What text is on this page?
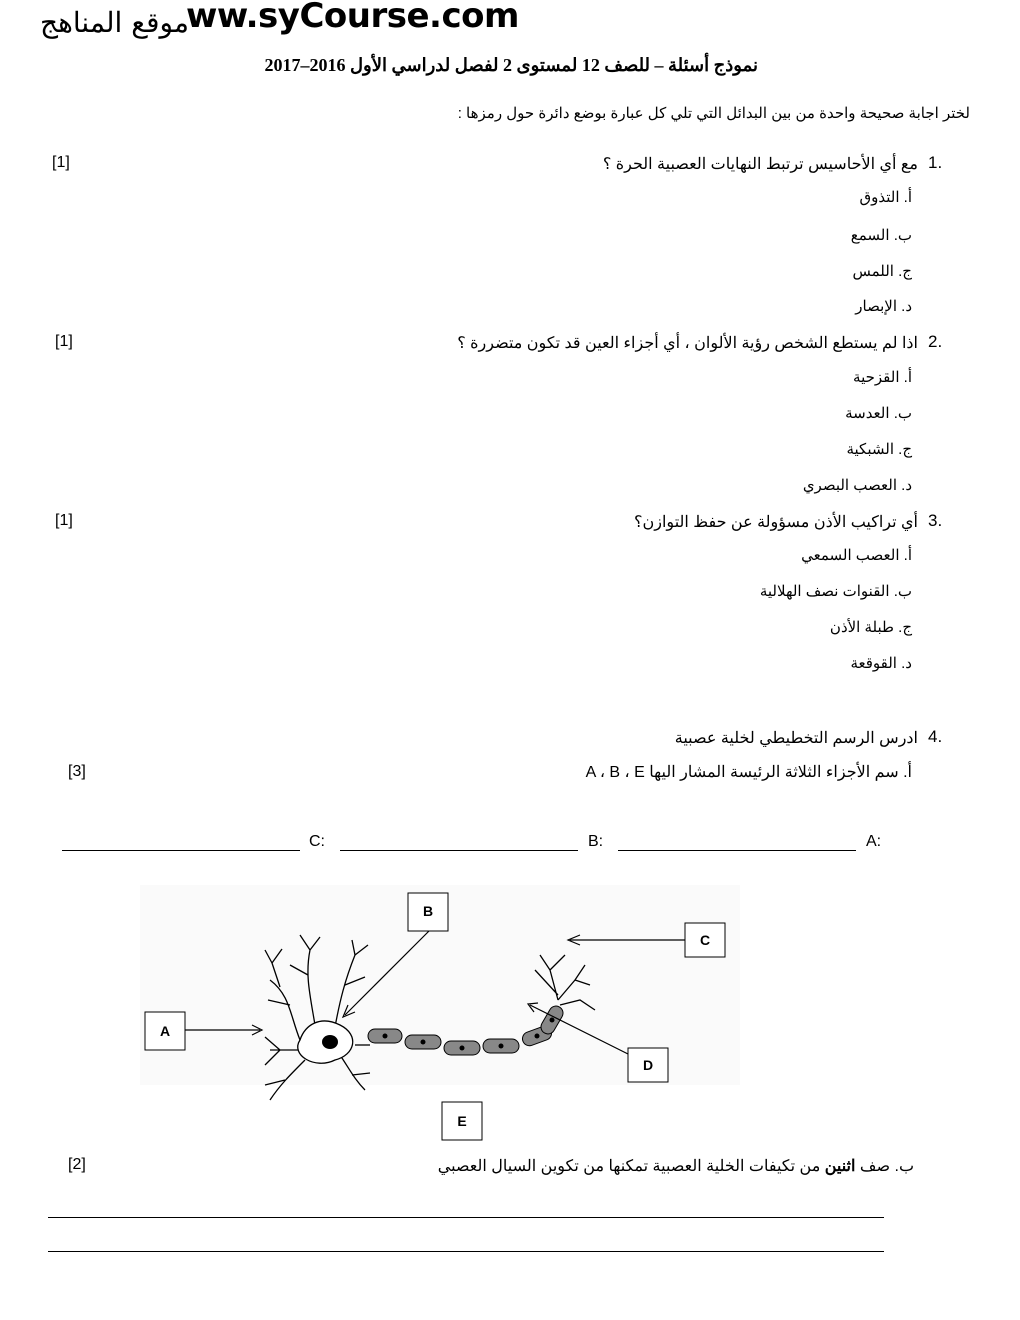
موقع المناهج
ww.syCourse.com
نموذج أسئلة – للصف 12 لمستوى 2 لفصل لدراسي الأول 2016–2017
لختر اجابة صحيحة واحدة من بين البدائل التي تلي كل عبارة بوضع دائرة حول رمزها :
1.
مع أي الأحاسيس ترتبط النهايات العصبية الحرة ؟
[1]
أ. التذوق
ب. السمع
ج. اللمس
د. الإبصار
2.
اذا لم يستطع الشخص رؤية الألوان ، أي أجزاء العين قد تكون متضررة ؟
[1]
أ. القزحية
ب. العدسة
ج. الشبكية
د. العصب البصري
3.
أي تراكيب الأذن مسؤولة عن حفظ التوازن؟
[1]
أ. العصب السمعي
ب. القنوات نصف الهلالية
ج. طبلة الأذن
د. القوقعة
4.
ادرس الرسم التخطيطي لخلية عصبية
أ. سم الأجزاء الثلاثة الرئيسة المشار اليها A ، B ، E
[3]
A:
B:
C:
A
B
C
D
E
ب. صف اثنين من تكيفات الخلية العصبية تمكنها من تكوين السيال العصبي
[2]
